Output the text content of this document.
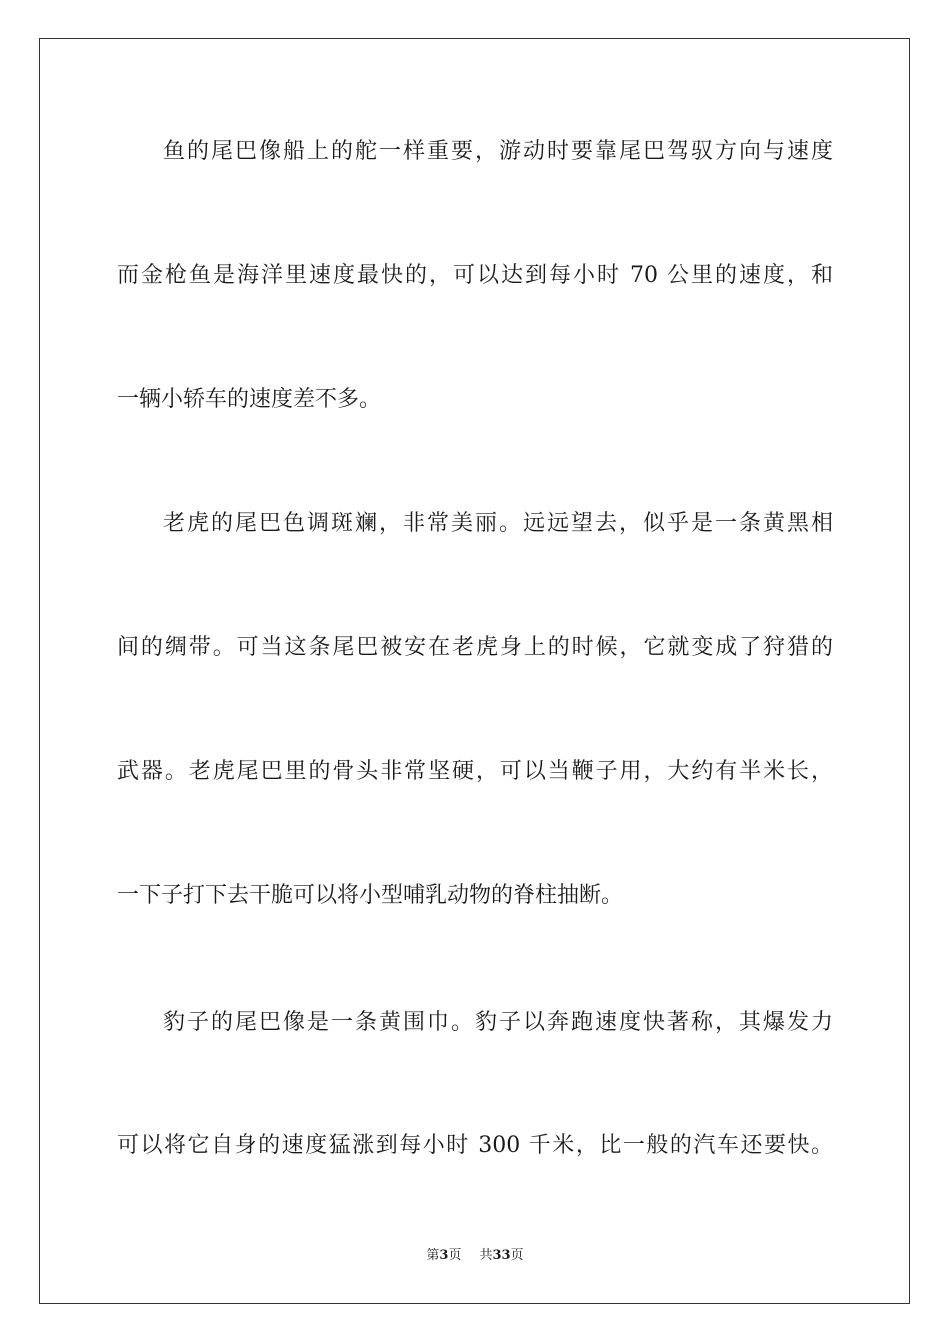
鱼的尾巴像船上的舵一样重要，游动时要靠尾巴驾驭方向与速度
而金枪鱼是海洋里速度最快的，可以达到每小时 70 公里的速度，和
一辆小轿车的速度差不多。
老虎的尾巴色调斑斓，非常美丽。远远望去，似乎是一条黄黑相
间的绸带。可当这条尾巴被安在老虎身上的时候，它就变成了狩猎的
武器。老虎尾巴里的骨头非常坚硬，可以当鞭子用，大约有半米长，
一下子打下去干脆可以将小型哺乳动物的脊柱抽断。
豹子的尾巴像是一条黄围巾。豹子以奔跑速度快著称，其爆发力
可以将它自身的速度猛涨到每小时 300 千米，比一般的汽车还要快。
第3页 共33页
